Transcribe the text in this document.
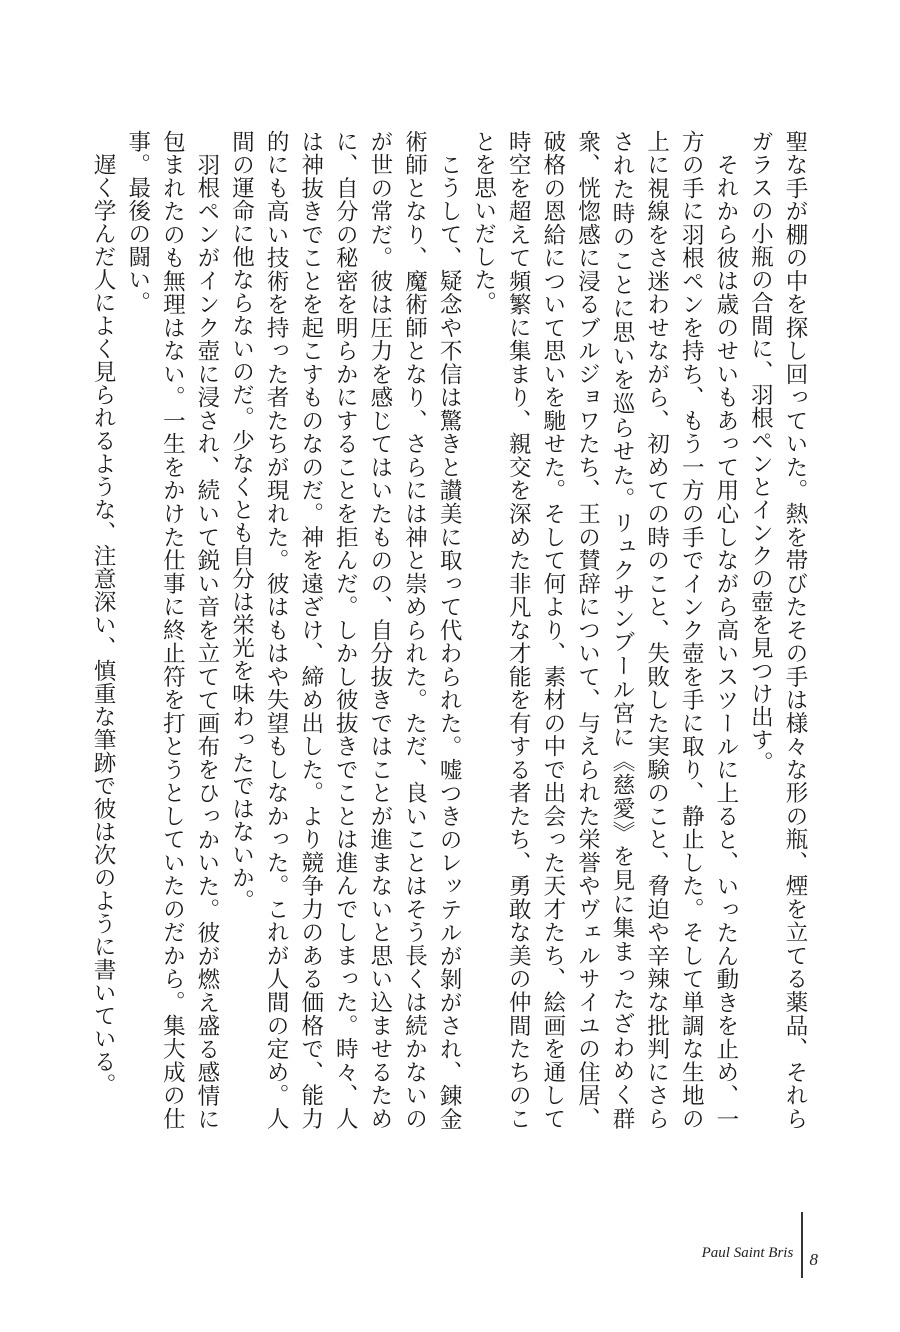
聖な手が棚の中を探し回っていた。熱を帯びたその手は様々な形の瓶、煙を立てる薬品、それらガラスの小瓶の合間に、羽根ペンとインクの壺を見つけ出す。

それから彼は歳のせいもあって用心しながら高いスツールに上ると、いったん動きを止め、一方の手に羽根ペンを持ち、もう一方の手でインク壺を手に取り、静止した。そして単調な生地の上に視線をさ迷わせながら、初めての時のこと、失敗した実験のこと、脅迫や辛辣な批判にさらされた時のことに思いを巡らせた。リュクサンブール宮に《慈愛》を見に集まったざわめく群衆、恍惚感に浸るブルジョワたち、王の賛辞について、与えられた栄誉やヴェルサイユの住居、破格の恩給について思いを馳せた。そして何より、素材の中で出会った天才たち、絵画を通して時空を超えて頻繁に集まり、親交を深めた非凡な才能を有する者たち、勇敢な美の仲間たちのことを思いだした。

こうして、疑念や不信は驚きと讃美に取って代わられた。嘘つきのレッテルが剝がされ、錬金術師となり、魔術師となり、さらには神と崇められた。ただ、良いことはそう長くは続かないのが世の常だ。彼は圧力を感じてはいたものの、自分抜きではことが進まないと思い込ませるために、自分の秘密を明らかにすることを拒んだ。しかし彼抜きでことは進んでしまった。時々、人は神抜きでことを起こすものなのだ。神を遠ざけ、締め出した。より競争力のある価格で、能力的にも高い技術を持った者たちが現れた。彼はもはや失望もしなかった。これが人間の定め。人間の運命に他ならないのだ。少なくとも自分は栄光を味わったではないか。

羽根ペンがインク壺に浸され、続いて鋭い音を立てて画布をひっかいた。彼が燃え盛る感情に包まれたのも無理はない。一生をかけた仕事に終止符を打とうとしていたのだから。集大成の仕事。最後の闘い。

遅く学んだ人によく見られるような、注意深い、慎重な筆跡で彼は次のように書いている。

Paul Saint Bris 8
